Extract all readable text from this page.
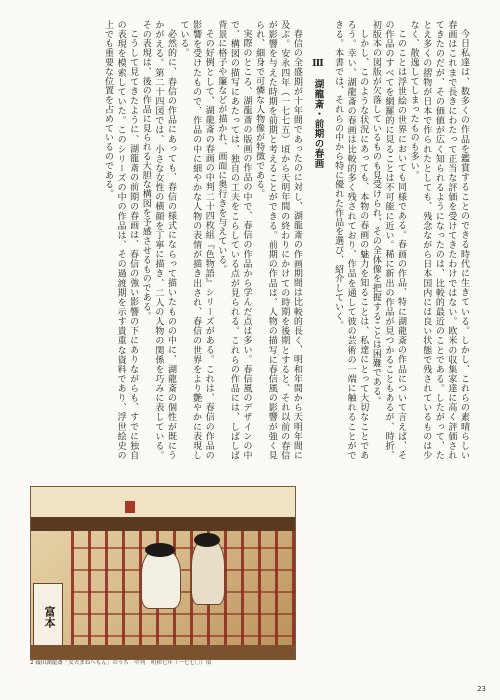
今日私達は、数多くの作品を鑑賞することのできる時代に生きている。しかし、これらの素晴らしい春画はこれまで長きにわたって正当な評価を受けてきたわけではない。欧米の収集家達に高く評価されてきたのだが、その価値が広く知られるようになったのは、比較的最近のことである。したがって、たとえ多くの摺物が日本で作られたとしても、残念ながら日本国内には良い状態で残されているものは少なく、散逸してしまったものも多い。

このことは浮世絵の世界においても同様である。春画の作品、特に湖龍斎の作品について言えば、その作品のすべてを網羅的に見ることは不可能に近い。稀に新出の作品が見つかることもあるが、時折、初版本の図版が欠落しているものも見受けられ、その全体像を把握することは困難である。

しかし、このような状況にあっても、本物の春画の魅力を知ることは、私達にとって大切なことであろう。幸い、湖龍斎の春画は比較的多く残されており、作品を通して彼の芸術の一端に触れることができる。本書では、それらの中から特に優れた作品を選び、紹介していく。

Ⅲ　湖龍斎・前期の春画

春信の全盛期が十年間であったのに対し、湖龍斎の作画期間は比較的長く、明和年間から天明年間に及ぶ。安永四年（一七七五）頃から天明年間の終わりにかけての時期を後期とすると、それ以前の春信が影響を与えた時期を前期と考えることができる。前期の作品は、人物の描写に春信風の影響が強く見られ、細身で可憐な人物像が特徴である。

実際のところ、湖龍斎の版画の作品の中で、春信の作品から学んだ点は多い。春信風のデザインの中で、構図の描写にあたっては、独自の工夫をこらしている点が見られる。これらの作品には、しばしば背景に格子や簾などが描かれ、画面に奥行きを与えている。

その好例として、湖龍斎の春画の中判二十四枚組『色物語』シリーズがある。これは、春信の作品の影響を受けたもので、作品の中に細やかな人物の表情が描き出され、春信の世界をより艶やかに表現している。

必然的に、春信の作品にあっても、春信の様式にならって描いたものの中に、湖龍斎の個性が既にうかがえる。第二十四図では、小さな女性の横顔を丁寧に描き、二人の人物の関係を巧みに表している。その表現は、後の作品に見られる大胆な構図を予感させるものである。

こうして見てきたように、湖龍斎の前期の春画は、春信の強い影響の下にありながらも、すでに独自の表現を模索していた。このシリーズの中の作品は、その過渡期を示す貴重な資料であり、浮世絵史の上でも重要な位置を占めているのである。

富本
2 礒田湖龍斎「女夫まねへもん」のうち　中判　明和七年（一七七〇）頃
23
